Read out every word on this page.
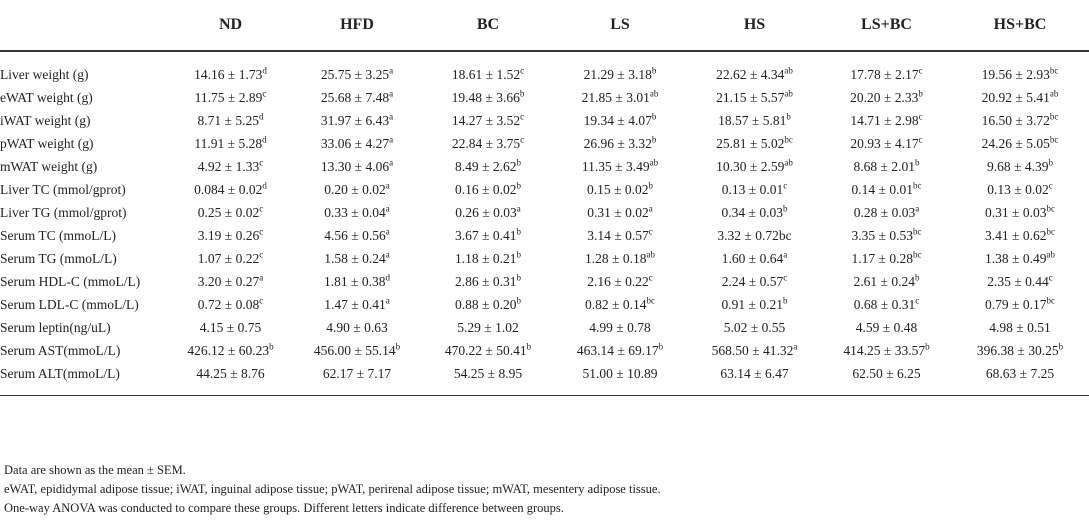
	ND	HFD	BC	LS	HS	LS+BC	HS+BC
Liver weight (g)	14.16 ± 1.73$^d$	25.75 ± 3.25$^a$	18.61 ± 1.52$^c$	21.29 ± 3.18$^b$	22.62 ± 4.34$^{ab}$	17.78 ± 2.17$^c$	19.56 ± 2.93$^{bc}$
eWAT weight (g)	11.75 ± 2.89$^c$	25.68 ± 7.48$^a$	19.48 ± 3.66$^b$	21.85 ± 3.01$^{ab}$	21.15 ± 5.57$^{ab}$	20.20 ± 2.33$^b$	20.92 ± 5.41$^{ab}$
iWAT weight (g)	8.71 ± 5.25$^d$	31.97 ± 6.43$^a$	14.27 ± 3.52$^c$	19.34 ± 4.07$^b$	18.57 ± 5.81$^b$	14.71 ± 2.98$^c$	16.50 ± 3.72$^{bc}$
pWAT weight (g)	11.91 ± 5.28$^d$	33.06 ± 4.27$^a$	22.84 ± 3.75$^c$	26.96 ± 3.32$^b$	25.81 ± 5.02$^{bc}$	20.93 ± 4.17$^c$	24.26 ± 5.05$^{bc}$
mWAT weight (g)	4.92 ± 1.33$^c$	13.30 ± 4.06$^a$	8.49 ± 2.62$^b$	11.35 ± 3.49$^{ab}$	10.30 ± 2.59$^{ab}$	8.68 ± 2.01$^b$	9.68 ± 4.39$^b$
Liver TC (mmol/gprot)	0.084 ± 0.02$^d$	0.20 ± 0.02$^a$	0.16 ± 0.02$^b$	0.15 ± 0.02$^b$	0.13 ± 0.01$^c$	0.14 ± 0.01$^{bc}$	0.13 ± 0.02$^c$
Liver TG (mmol/gprot)	0.25 ± 0.02$^c$	0.33 ± 0.04$^a$	0.26 ± 0.03$^a$	0.31 ± 0.02$^a$	0.34 ± 0.03$^b$	0.28 ± 0.03$^a$	0.31 ± 0.03$^{bc}$
Serum TC (mmoL/L)	3.19 ± 0.26$^c$	4.56 ± 0.56$^a$	3.67 ± 0.41$^b$	3.14 ± 0.57$^c$	3.32 ± 0.72bc	3.35 ± 0.53$^{bc}$	3.41 ± 0.62$^{bc}$
Serum TG (mmoL/L)	1.07 ± 0.22$^c$	1.58 ± 0.24$^a$	1.18 ± 0.21$^b$	1.28 ± 0.18$^{ab}$	1.60 ± 0.64$^a$	1.17 ± 0.28$^{bc}$	1.38 ± 0.49$^{ab}$
Serum HDL-C (mmoL/L)	3.20 ± 0.27$^a$	1.81 ± 0.38$^d$	2.86 ± 0.31$^b$	2.16 ± 0.22$^c$	2.24 ± 0.57$^c$	2.61 ± 0.24$^b$	2.35 ± 0.44$^c$
Serum LDL-C (mmoL/L)	0.72 ± 0.08$^c$	1.47 ± 0.41$^a$	0.88 ± 0.20$^b$	0.82 ± 0.14$^{bc}$	0.91 ± 0.21$^b$	0.68 ± 0.31$^c$	0.79 ± 0.17$^{bc}$
Serum leptin(ng/uL)	4.15 ± 0.75	4.90 ± 0.63	5.29 ± 1.02	4.99 ± 0.78	5.02 ± 0.55	4.59 ± 0.48	4.98 ± 0.51
Serum AST(mmoL/L)	426.12 ± 60.23$^b$	456.00 ± 55.14$^b$	470.22 ± 50.41$^b$	463.14 ± 69.17$^b$	568.50 ± 41.32$^a$	414.25 ± 33.57$^b$	396.38 ± 30.25$^b$
Serum ALT(mmoL/L)	44.25 ± 8.76	62.17 ± 7.17	54.25 ± 8.95	51.00 ± 10.89	63.14 ± 6.47	62.50 ± 6.25	68.63 ± 7.25
Data are shown as the mean ± SEM.
eWAT, epididymal adipose tissue; iWAT, inguinal adipose tissue; pWAT, perirenal adipose tissue; mWAT, mesentery adipose tissue.
One-way ANOVA was conducted to compare these groups. Different letters indicate difference between groups.
